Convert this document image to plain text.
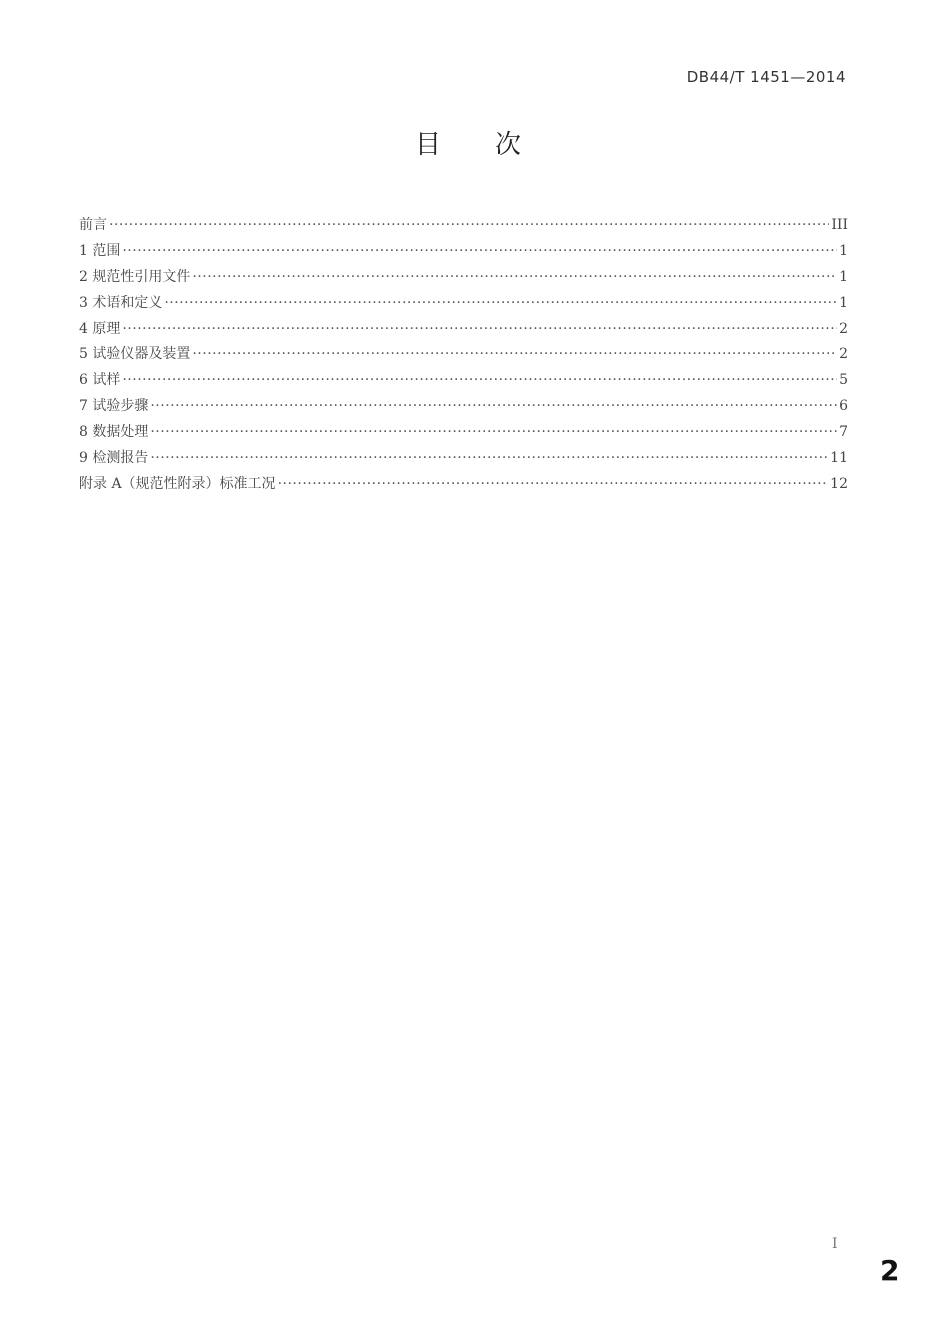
DB44/T 1451—2014
目次
前言 ·····	III
1 范围 ·····	1
2 规范性引用文件 ·····	1
3 术语和定义 ·····	1
4 原理 ·····	2
5 试验仪器及装置 ·····	2
6 试样 ·····	5
7 试验步骤 ·····	6
8 数据处理 ·····	7
9 检测报告 ·····	11
附录 A（规范性附录）标准工况 ·····	12
I
2
